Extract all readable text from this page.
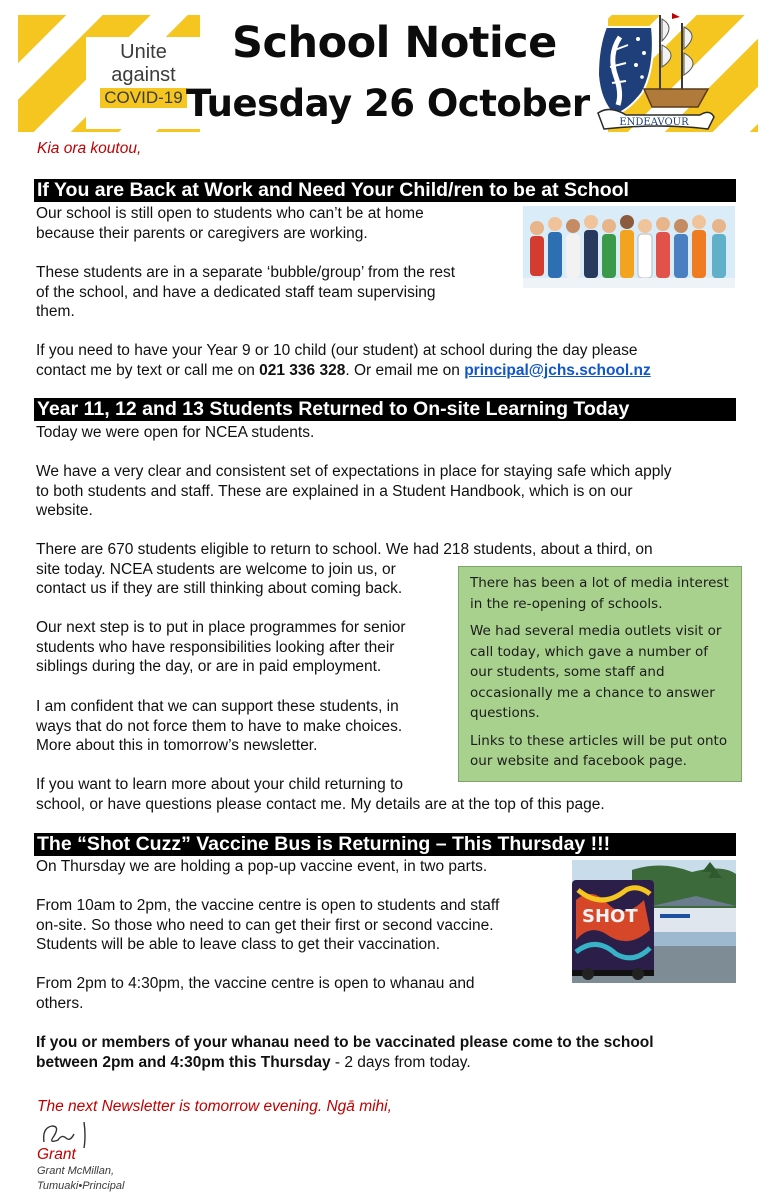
Unite
against
COVID-19
School Notice
Tuesday 26 October	ENDEAVOUR
Kia ora koutou,
If You are Back at Work and Need Your Child/ren to be at School
Our school is still open to students who can’t be at home
because their parents or caregivers are working.
These students are in a separate ‘bubble/group’ from the rest
of the school, and have a dedicated staff team supervising
them.
If you need to have your Year 9 or 10 child (our student) at school during the day please
contact me by text or call me on 021 336 328. Or email me on principal@jchs.school.nz
Year 11, 12 and 13 Students Returned to On-site Learning Today
Today we were open for NCEA students.
We have a very clear and consistent set of expectations in place for staying safe which apply
to both students and staff. These are explained in a Student Handbook, which is on our
website.
There are 670 students eligible to return to school. We had 218 students, about a third, on
site today. NCEA students are welcome to join us, or
contact us if they are still thinking about coming back.
Our next step is to put in place programmes for senior
students who have responsibilities looking after their
siblings during the day, or are in paid employment.
I am confident that we can support these students, in
ways that do not force them to have to make choices.
More about this in tomorrow’s newsletter.
If you want to learn more about your child returning to
school, or have questions please contact me. My details are at the top of this page.

There has been a lot of media interest in the re-opening of schools.

We had several media outlets visit or call today, which gave a number of our students, some staff and occasionally me a chance to answer questions.

Links to these articles will be put onto our website and facebook page.

The “Shot Cuzz” Vaccine Bus is Returning – This Thursday !!!
On Thursday we are holding a pop-up vaccine event, in two parts.
From 10am to 2pm, the vaccine centre is open to students and staff
on-site. So those who need to can get their first or second vaccine.
Students will be able to leave class to get their vaccination.
From 2pm to 4:30pm, the vaccine centre is open to whanau and
others.
If you or members of your whanau need to be vaccinated please come to the school
between 2pm and 4:30pm this Thursday - 2 days from today.
SHOT
The next Newsletter is tomorrow evening. Ngā mihi,
Grant
Grant McMillan,
Tumuaki•Principal
